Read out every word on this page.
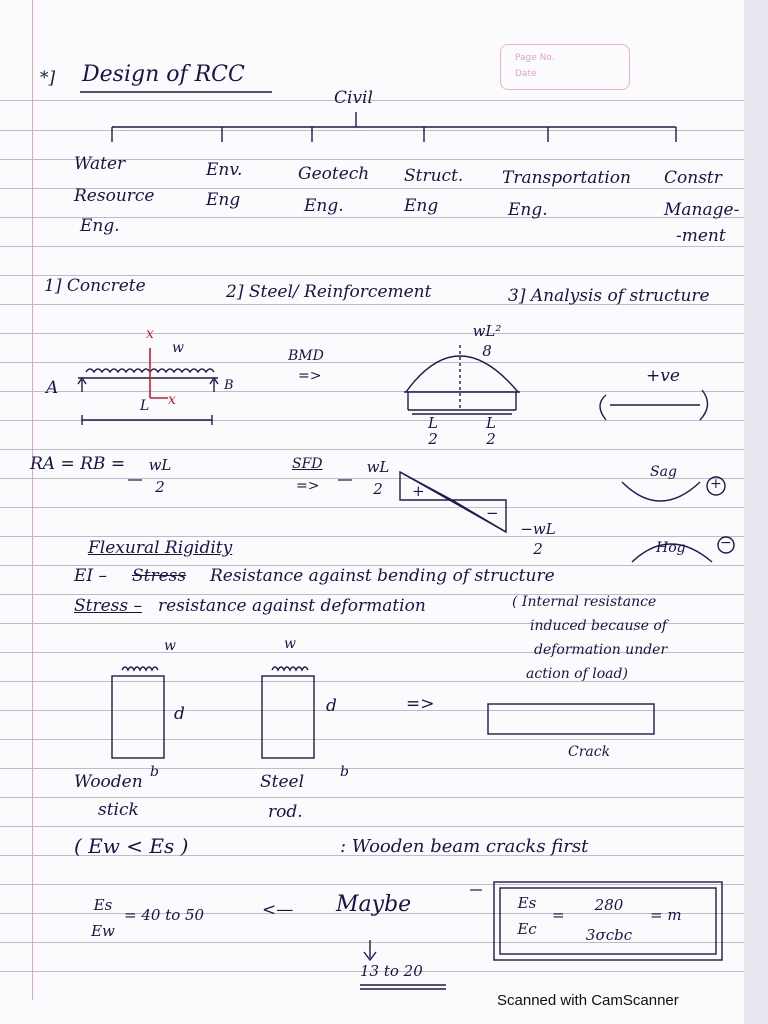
Page No.
Date
*] Design of RCC
Civil
Water
Resource
Eng.
Env.
Eng
Geotech
Eng.
Struct.
Eng
Transportation
Eng.
Constr
Manage-
-ment
1] Concrete	2] Steel/ Reinforcement	3] Analysis of structure
A	B
w
L
x
x
RA = RB =	wL
2
BMD
=>
wL²
8
L
2
L
2
SFD
=>
wL
2	+
−
−wL
2
+ve
Sag
+
Hog −
Flexural Rigidity
EI – Stress Resistance against bending of structure
Stress – resistance against deformation	( Internal resistance
induced because of
deformation under
action of load)
w	w
d	d	=>
Crack
Wooden b
stick
Steel	b
rod.
( Ew < Es )	: Wooden beam cracks first
Es
Ew
= 40 to 50	<— Maybe
13 to 20
Es
Ec
=
280
3σcbc
= m
Scanned with CamScanner
